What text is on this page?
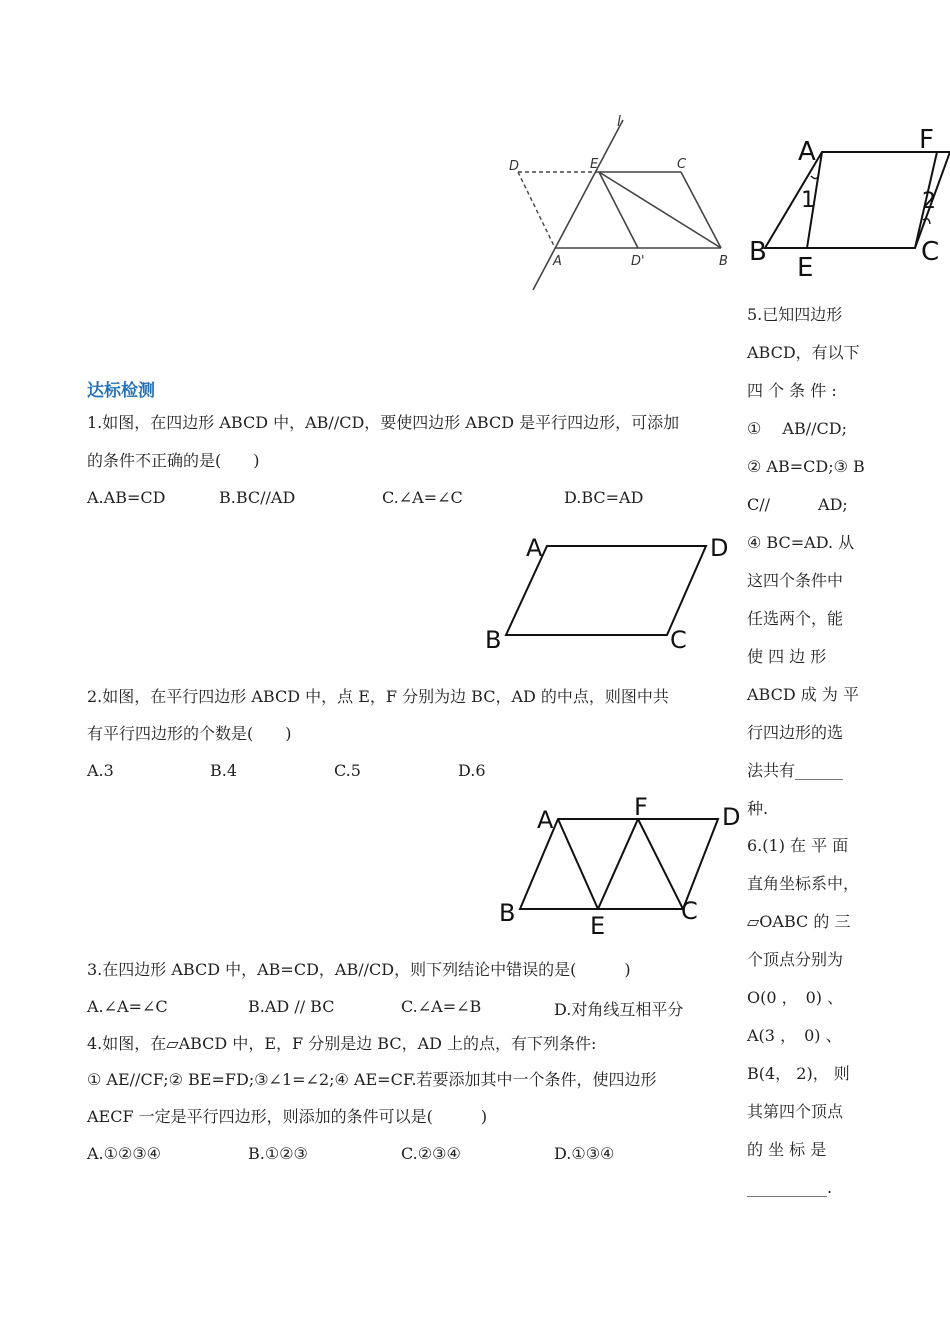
l
D	E	C
A	D'	B
A	F
1	2
B
E
C
达标检测
1.如图，在四边形 ABCD 中，AB//CD，要使四边形 ABCD 是平行四边形，可添加
的条件不正确的是(　　)
A.AB=CD	B.BC//AD	C.∠A=∠C	D.BC=AD
A	D
B	C
2.如图，在平行四边形 ABCD 中，点 E，F 分别为边 BC，AD 的中点，则图中共
有平行四边形的个数是(　　)
A.3	B.4	C.5	D.6
A	F	D
B	E
C
3.在四边形 ABCD 中，AB=CD，AB//CD，则下列结论中错误的是(　　　)
A.∠A=∠C	B.AD // BC	C.∠A=∠B	D.对角线互相平分
4.如图，在▱ABCD 中，E，F 分别是边 BC，AD 上的点，有下列条件:
① AE//CF;② BE=FD;③∠1=∠2;④ AE=CF.若要添加其中一个条件，使四边形
AECF 一定是平行四边形，则添加的条件可以是(　　　)
A.①②③④	B.①②③	C.②③④	D.①③④
5.已知四边形
ABCD，有以下
四 个 条 件 :
①　 AB//CD;
② AB=CD;③ B
C//　　　AD;
④ BC=AD. 从
这四个条件中
任选两个，能
使 四 边 形
ABCD 成 为 平
行四边形的选
法共有______
种.
6.(1) 在 平 面
直角坐标系中，
▱OABC 的 三
个顶点分别为
O(0 ，　0) 、
A(3 ，　0) 、
B(4， 2)， 则
其第四个顶点
的 坐 标 是
__________.
